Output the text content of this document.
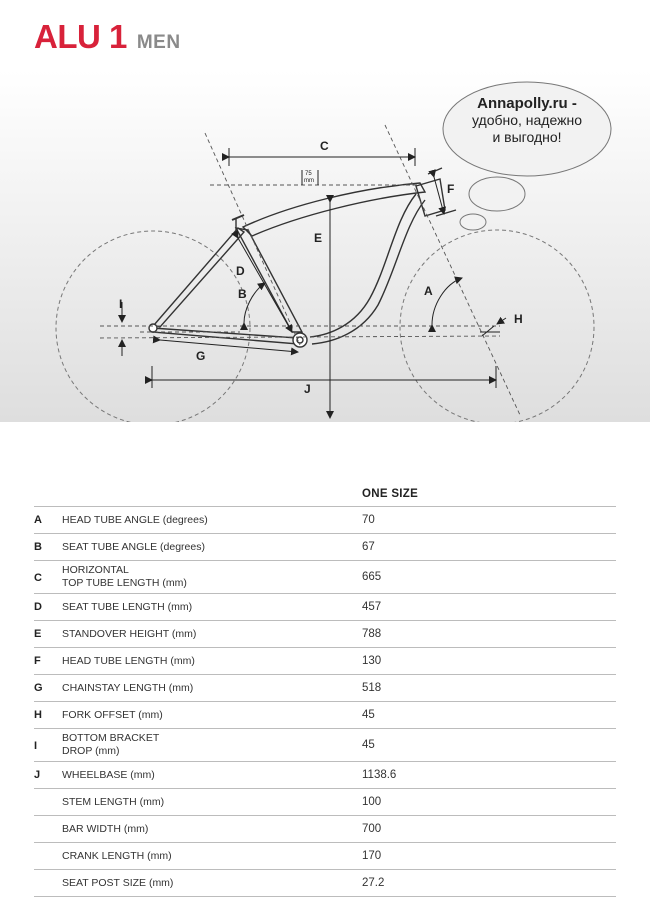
ALU 1 MEN
C
E
F
D
B	A
H
I
G
J
75
mm
Annapolly.ru -
удобно, надежно
и выгодно!
ONE SIZE
A HEAD TUBE ANGLE (degrees)	70
B SEAT TUBE ANGLE (degrees)	67
C
HORIZONTAL
TOP TUBE LENGTH (mm)	665
D SEAT TUBE LENGTH (mm)	457
E STANDOVER HEIGHT (mm)	788
F HEAD TUBE LENGTH (mm)	130
G CHAINSTAY LENGTH (mm)	518
H FORK OFFSET (mm)	45
I
BOTTOM BRACKET
DROP (mm)	45
J WHEELBASE (mm)	1138.6
STEM LENGTH (mm)	100
BAR WIDTH (mm)	700
CRANK LENGTH (mm)	170
SEAT POST SIZE (mm)	27.2
